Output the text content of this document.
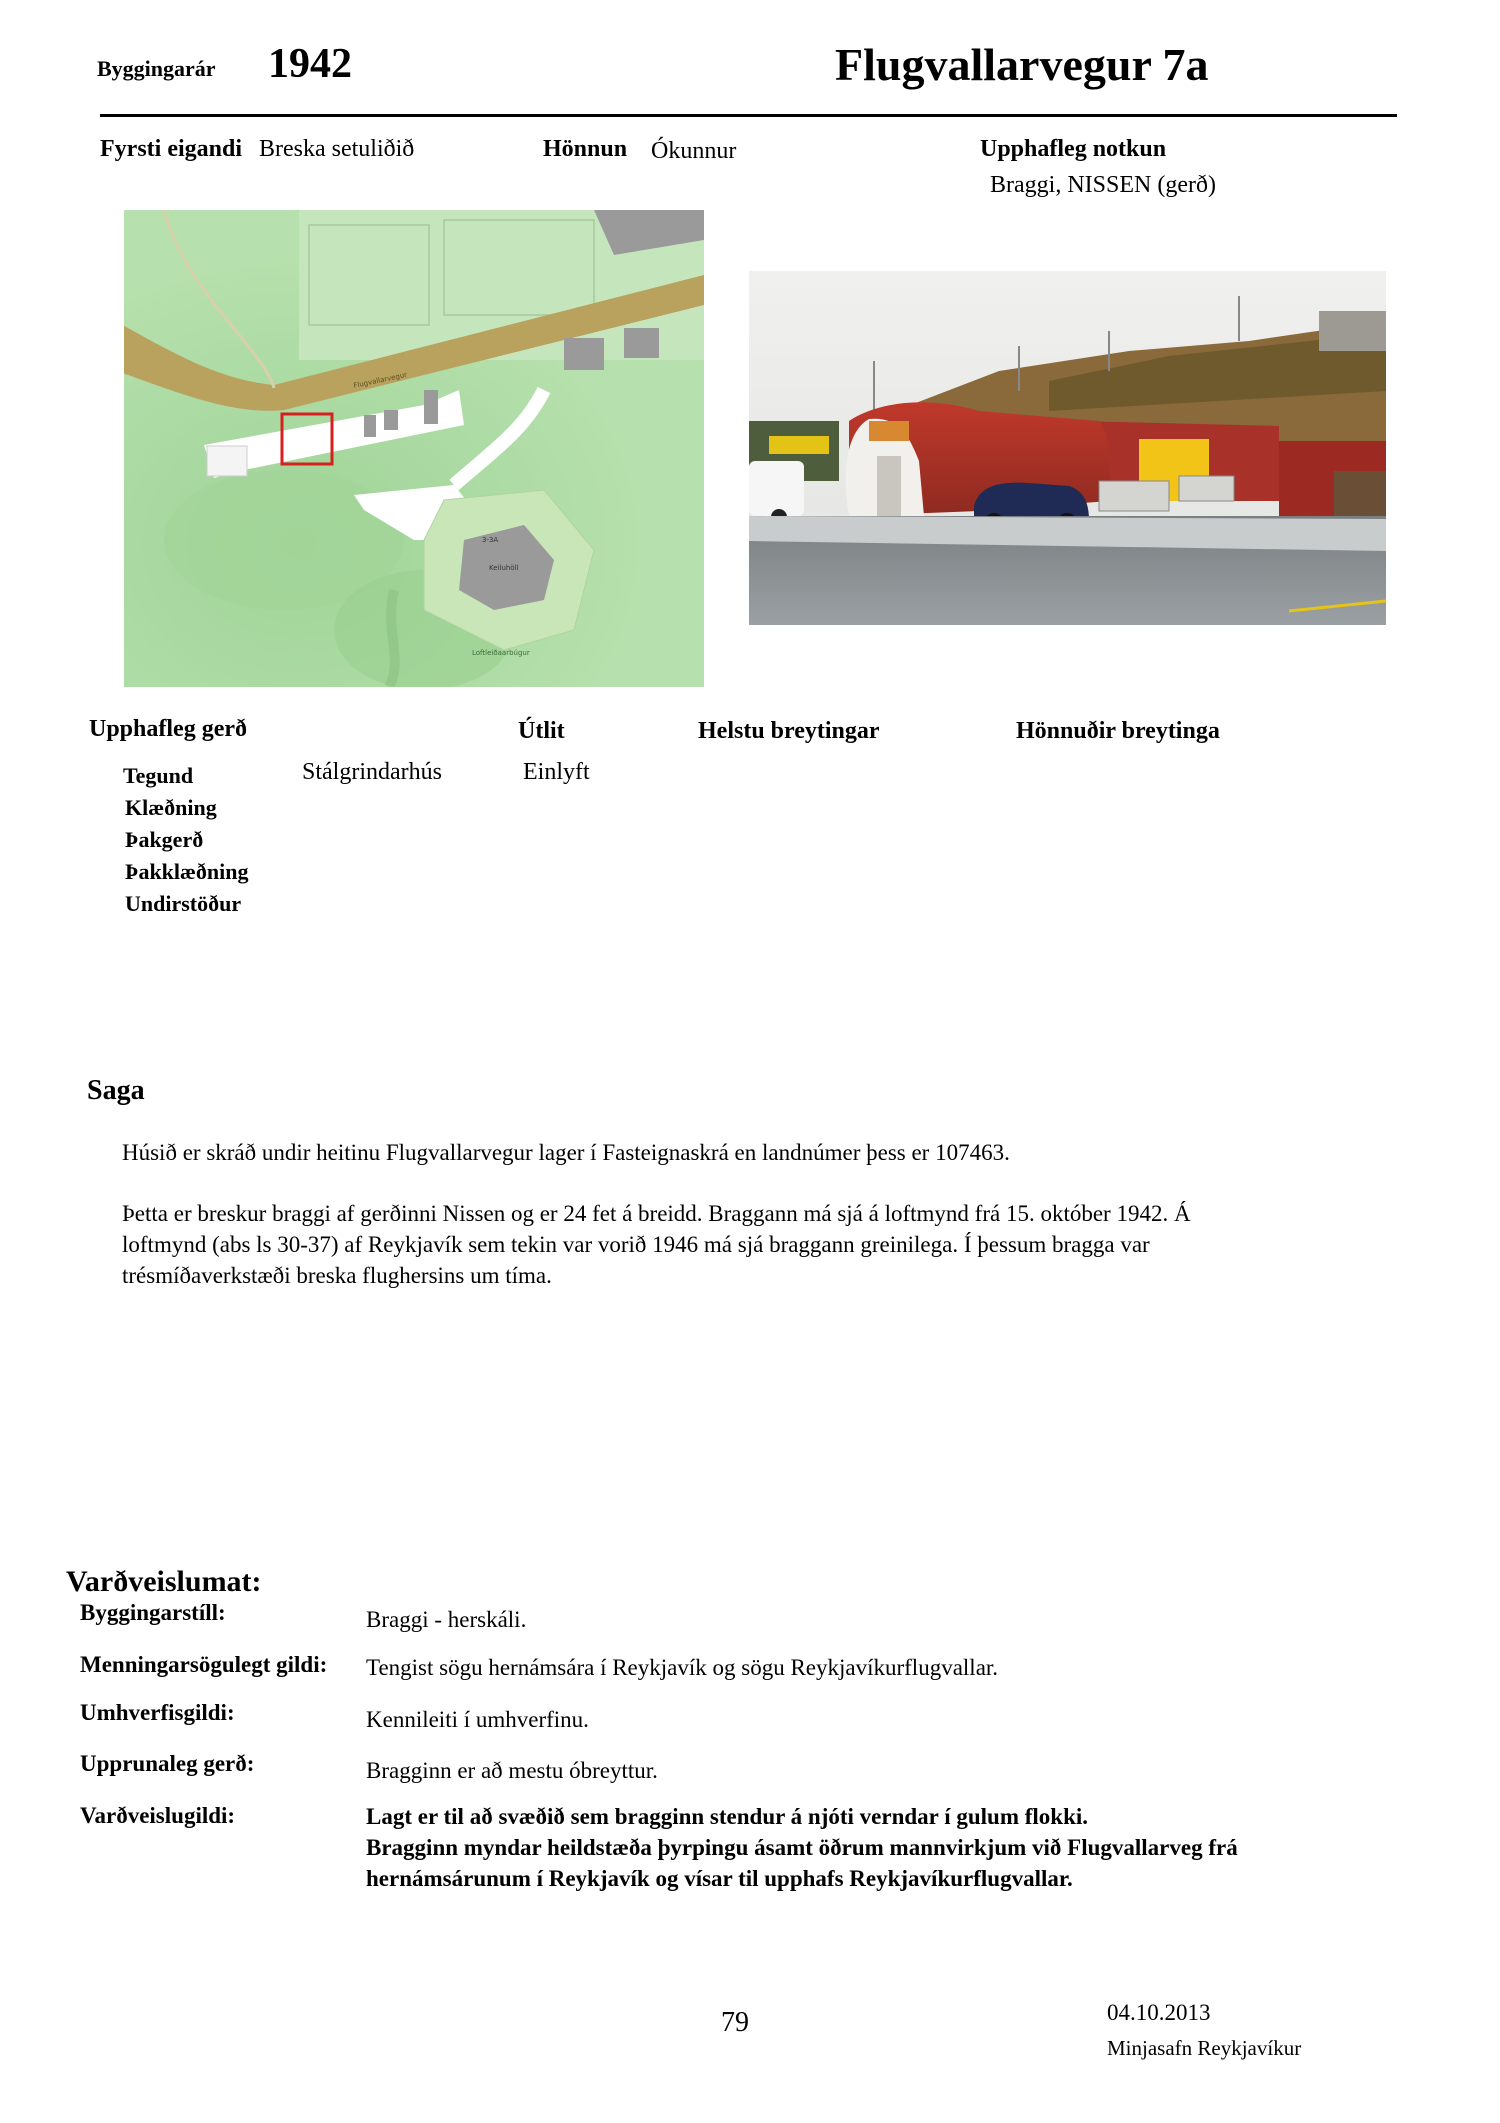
Byggingarár 1942	Flugvallarvegur 7a
Fyrsti eigandi Breska setuliðið	Hönnun Ókunnur	Upphafleg notkun
Braggi, NISSEN (gerð)
Flugvallarvegur
3-3A
Keiluhöll
Loftleiðaarbúgur
Upphafleg gerð	Útlit	Helstu breytingar	Hönnuðir breytinga
Tegund	Stálgrindarhús	Einlyft
Klæðning
Þakgerð
Þakklæðning
Undirstöður
Saga
Húsið er skráð undir heitinu Flugvallarvegur lager í Fasteignaskrá en landnúmer þess er 107463.
Þetta er breskur braggi af gerðinni Nissen og er 24 fet á breidd. Braggann má sjá á loftmynd frá 15. október 1942. Á
loftmynd (abs ls 30-37) af Reykjavík sem tekin var vorið 1946 má sjá braggann greinilega. Í þessum bragga var
trésmíðaverkstæði breska flughersins um tíma.
Varðveislumat:
Byggingarstíll:	Braggi - herskáli.
Menningarsögulegt gildi: Tengist sögu hernámsára í Reykjavík og sögu Reykjavíkurflugvallar.
Umhverfisgildi:	Kennileiti í umhverfinu.
Upprunaleg gerð:	Bragginn er að mestu óbreyttur.
Varðveislugildi:	Lagt er til að svæðið sem bragginn stendur á njóti verndar í gulum flokki.
Bragginn myndar heildstæða þyrpingu ásamt öðrum mannvirkjum við Flugvallarveg frá
hernámsárunum í Reykjavík og vísar til upphafs Reykjavíkurflugvallar.
79	04.10.2013
Minjasafn Reykjavíkur
